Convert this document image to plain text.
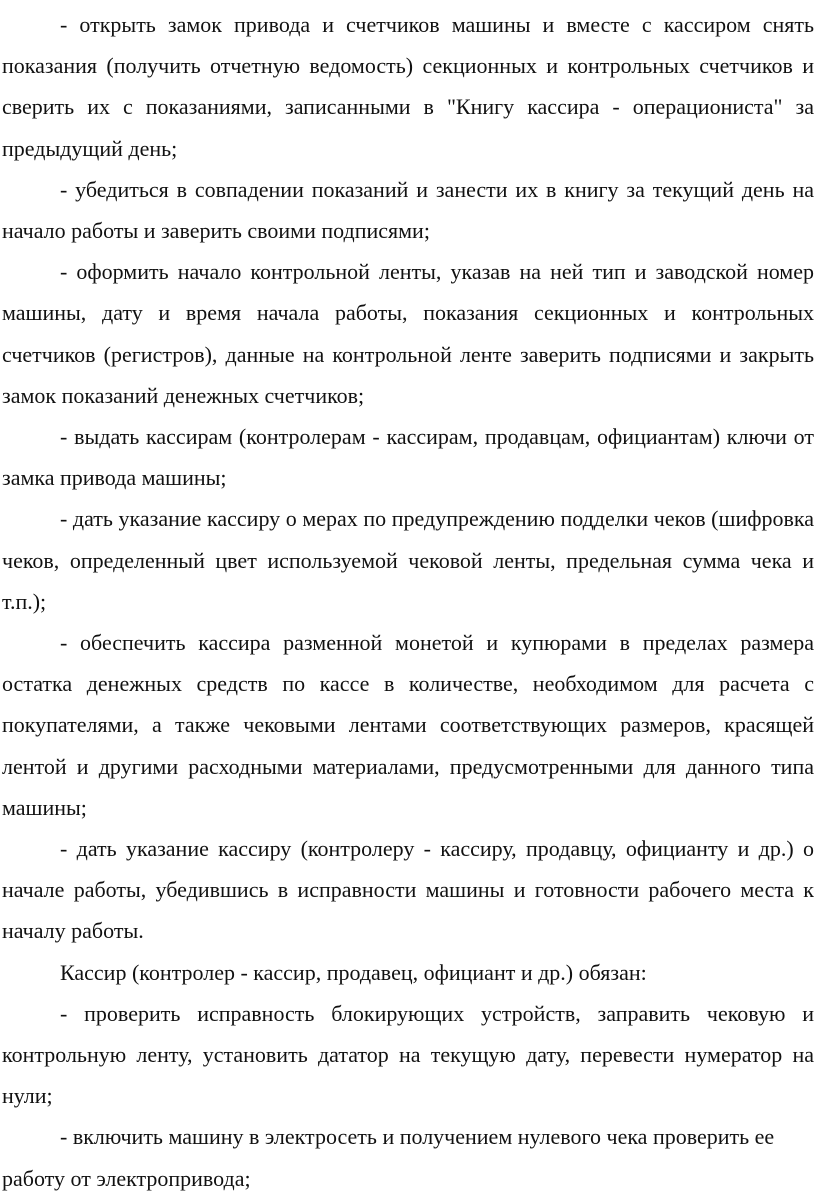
- открыть замок привода и счетчиков машины и вместе с кассиром снять показания (получить отчетную ведомость) секционных и контрольных счетчиков и сверить их с показаниями, записанными в "Книгу кассира - операциониста" за предыдущий день;

- убедиться в совпадении показаний и занести их в книгу за текущий день на начало работы и заверить своими подписями;

- оформить начало контрольной ленты, указав на ней тип и заводской номер машины, дату и время начала работы, показания секционных и контрольных счетчиков (регистров), данные на контрольной ленте заверить подписями и закрыть замок показаний денежных счетчиков;

- выдать кассирам (контролерам - кассирам, продавцам, официантам) ключи от замка привода машины;

- дать указание кассиру о мерах по предупреждению подделки чеков (шифровка чеков, определенный цвет используемой чековой ленты, предельная сумма чека и т.п.);

- обеспечить кассира разменной монетой и купюрами в пределах размера остатка денежных средств по кассе в количестве, необходимом для расчета с покупателями, а также чековыми лентами соответствующих размеров, красящей лентой и другими расходными материалами, предусмотренными для данного типа машины;

- дать указание кассиру (контролеру - кассиру, продавцу, официанту и др.) о начале работы, убедившись в исправности машины и готовности рабочего места к началу работы.

Кассир (контролер - кассир, продавец, официант и др.) обязан:

- проверить исправность блокирующих устройств, заправить чековую и контрольную ленту, установить дататор на текущую дату, перевести нумератор на нули;

- включить машину в электросеть и получением нулевого чека проверить ее работу от электропривода;
